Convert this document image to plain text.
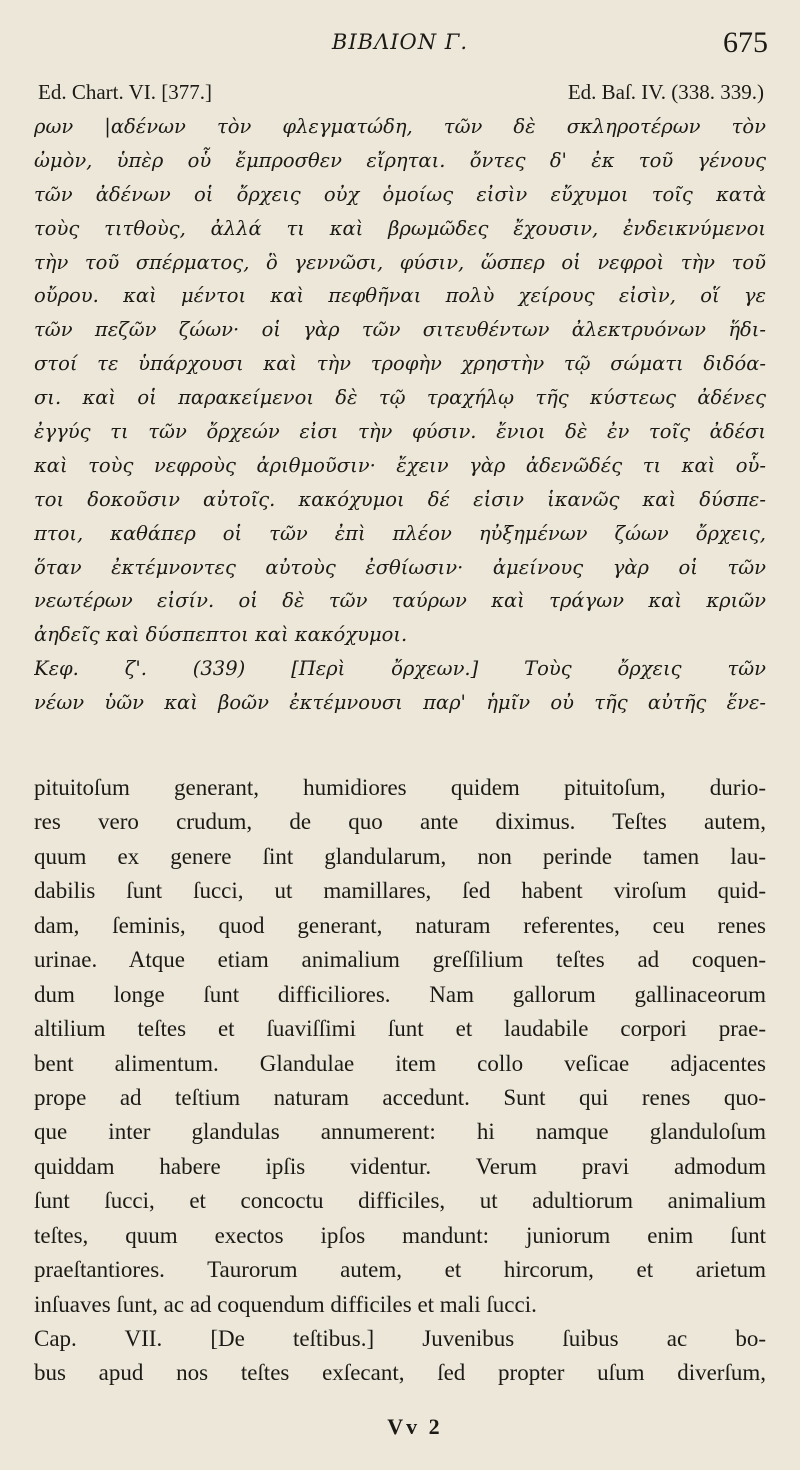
ΒΙΒΛΙΟΝ Γ.	675
Ed. Chart. VI. [377.]	Ed. Baſ. IV. (338. 339.)
ρων |αδένων τὸν φλεγματώδη, τῶν δὲ σκληροτέρων τὸν
ὠμὸν, ὑπὲρ οὗ ἔμπροσθεν εἴρηται. ὄντες δ' ἐκ τοῦ γένους
τῶν ἀδένων οἱ ὄρχεις οὐχ ὁμοίως εἰσὶν εὔχυμοι τοῖς κατὰ
τοὺς τιτθοὺς, ἀλλά τι καὶ βρωμῶδες ἔχουσιν, ἐνδεικνύμενοι
τὴν τοῦ σπέρματος, ὃ γεννῶσι, φύσιν, ὥσπερ οἱ νεφροὶ τὴν τοῦ
οὔρου. καὶ μέντοι καὶ πεφθῆναι πολὺ χείρους εἰσὶν, οἵ γε
τῶν πεζῶν ζώων· οἱ γὰρ τῶν σιτευθέντων ἀλεκτρυόνων ἥδι-
στοί τε ὑπάρχουσι καὶ τὴν τροφὴν χρηστὴν τῷ σώματι διδόα-
σι. καὶ οἱ παρακείμενοι δὲ τῷ τραχήλῳ τῆς κύστεως ἀδένες
ἐγγύς τι τῶν ὄρχεών εἰσι τὴν φύσιν. ἔνιοι δὲ ἐν τοῖς ἀδέσι
καὶ τοὺς νεφροὺς ἀριθμοῦσιν· ἔχειν γὰρ ἀδενῶδές τι καὶ οὗ-
τοι δοκοῦσιν αὐτοῖς. κακόχυμοι δέ εἰσιν ἱκανῶς καὶ δύσπε-
πτοι, καθάπερ οἱ τῶν ἐπὶ πλέον ηὐξημένων ζώων ὄρχεις,
ὅταν ἐκτέμνοντες αὐτοὺς ἐσθίωσιν· ἀμείνους γὰρ οἱ τῶν
νεωτέρων εἰσίν. οἱ δὲ τῶν ταύρων καὶ τράγων καὶ κριῶν
ἀηδεῖς καὶ δύσπεπτοι καὶ κακόχυμοι.
Κεφ. ζ'. (339) [Περὶ ὄρχεων.] Τοὺς ὄρχεις τῶν
νέων ὑῶν καὶ βοῶν ἐκτέμνουσι παρ' ἡμῖν οὐ τῆς αὐτῆς ἕνε-
pituitoſum generant, humidiores quidem pituitoſum, durio-
res vero crudum, de quo ante diximus. Teſtes autem,
quum ex genere ſint glandularum, non perinde tamen lau-
dabilis ſunt ſucci, ut mamillares, ſed habent viroſum quid-
dam, ſeminis, quod generant, naturam referentes, ceu renes
urinae. Atque etiam animalium greſſilium teſtes ad coquen-
dum longe ſunt difficiliores. Nam gallorum gallinaceorum
altilium teſtes et ſuaviſſimi ſunt et laudabile corpori prae-
bent alimentum. Glandulae item collo veſicae adjacentes
prope ad teſtium naturam accedunt. Sunt qui renes quo-
que inter glandulas annumerent: hi namque glanduloſum
quiddam habere ipſis videntur. Verum pravi admodum
ſunt ſucci, et concoctu difficiles, ut adultiorum animalium
teſtes, quum exectos ipſos mandunt: juniorum enim ſunt
praeſtantiores. Taurorum autem, et hircorum, et arietum
inſuaves ſunt, ac ad coquendum difficiles et mali ſucci.
Cap. VII. [De teſtibus.] Juvenibus ſuibus ac bo-
bus apud nos teſtes exſecant, ſed propter uſum diverſum,
Vv 2
